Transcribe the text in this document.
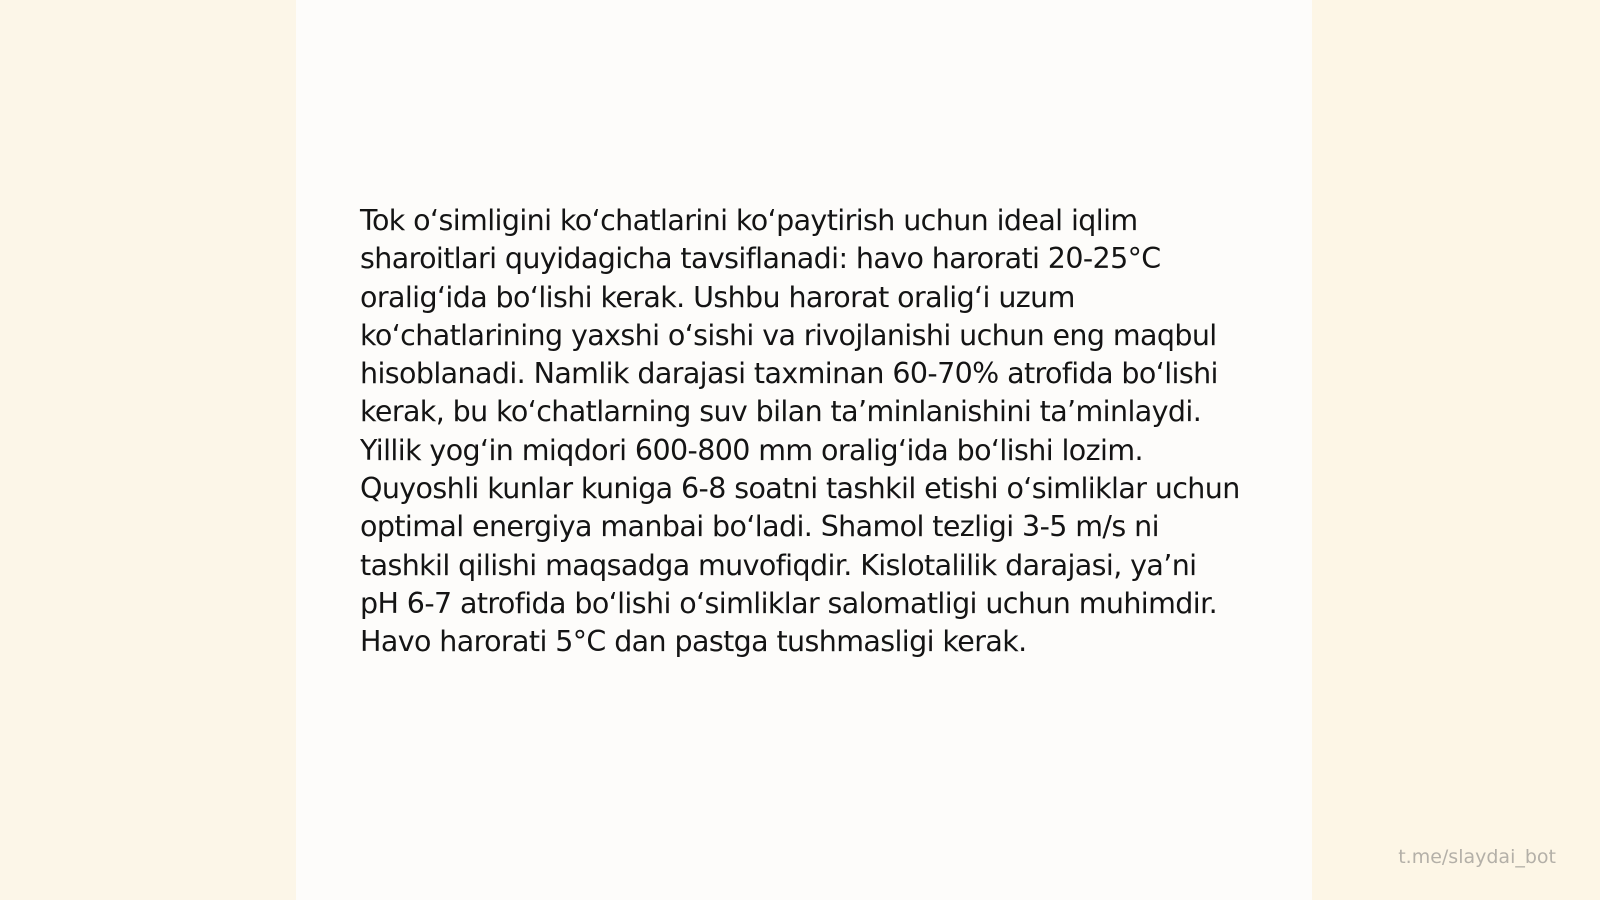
Tok o‘simligini ko‘chatlarini ko‘paytirish uchun ideal iqlim sharoitlari quyidagicha tavsiflanadi: havo harorati 20-25°C oralig‘ida bo‘lishi kerak. Ushbu harorat oralig‘i uzum ko‘chatlarining yaxshi o‘sishi va rivojlanishi uchun eng maqbul hisoblanadi. Namlik darajasi taxminan 60-70% atrofida bo‘lishi kerak, bu ko‘chatlarning suv bilan ta’minlanishini ta’minlaydi. Yillik yog‘in miqdori 600-800 mm oralig‘ida bo‘lishi lozim. Quyoshli kunlar kuniga 6-8 soatni tashkil etishi o‘simliklar uchun optimal energiya manbai bo‘ladi. Shamol tezligi 3-5 m/s ni tashkil qilishi maqsadga muvofiqdir. Kislotalilik darajasi, ya’ni pH 6-7 atrofida bo‘lishi o‘simliklar salomatligi uchun muhimdir. Havo harorati 5°C dan pastga tushmasligi kerak.

t.me/slaydai_bot
